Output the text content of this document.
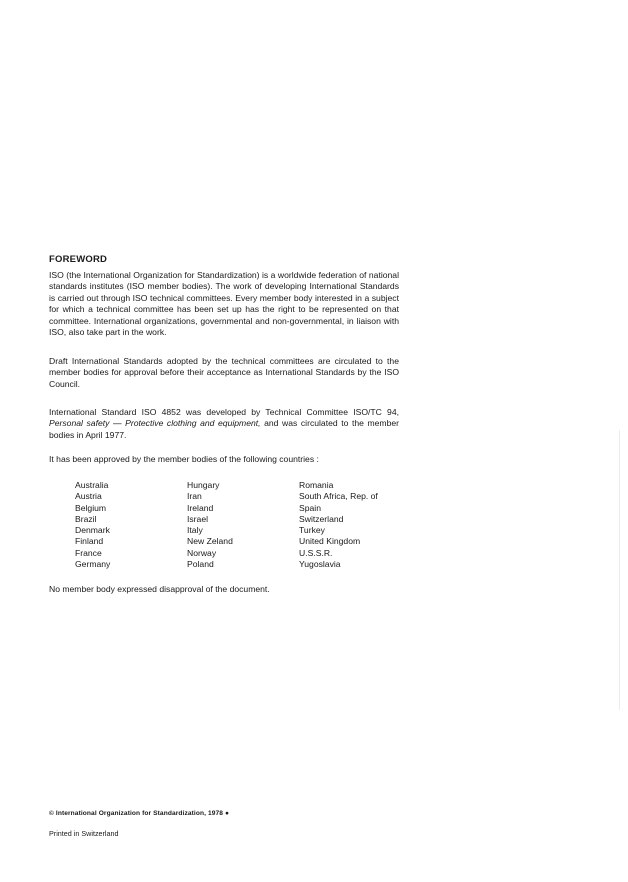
FOREWORD

ISO (the International Organization for Standardization) is a worldwide federation of national standards institutes (ISO member bodies). The work of developing International Standards is carried out through ISO technical committees. Every member body interested in a subject for which a technical committee has been set up has the right to be represented on that committee. International organizations, governmental and non-governmental, in liaison with ISO, also take part in the work.

Draft International Standards adopted by the technical committees are circulated to the member bodies for approval before their acceptance as International Standards by the ISO Council.

International Standard ISO 4852 was developed by Technical Committee ISO/TC 94, Personal safety — Protective clothing and equipment, and was circulated to the member bodies in April 1977.

It has been approved by the member bodies of the following countries :

Australia
Austria
Belgium
Brazil
Denmark
Finland
France
Germany
Hungary
Iran
Ireland
Israel
Italy
New Zeland
Norway
Poland
Romania
South Africa, Rep. of
Spain
Switzerland
Turkey
United Kingdom
U.S.S.R.
Yugoslavia

No member body expressed disapproval of the document.

© International Organization for Standardization, 1978 ●
Printed in Switzerland
